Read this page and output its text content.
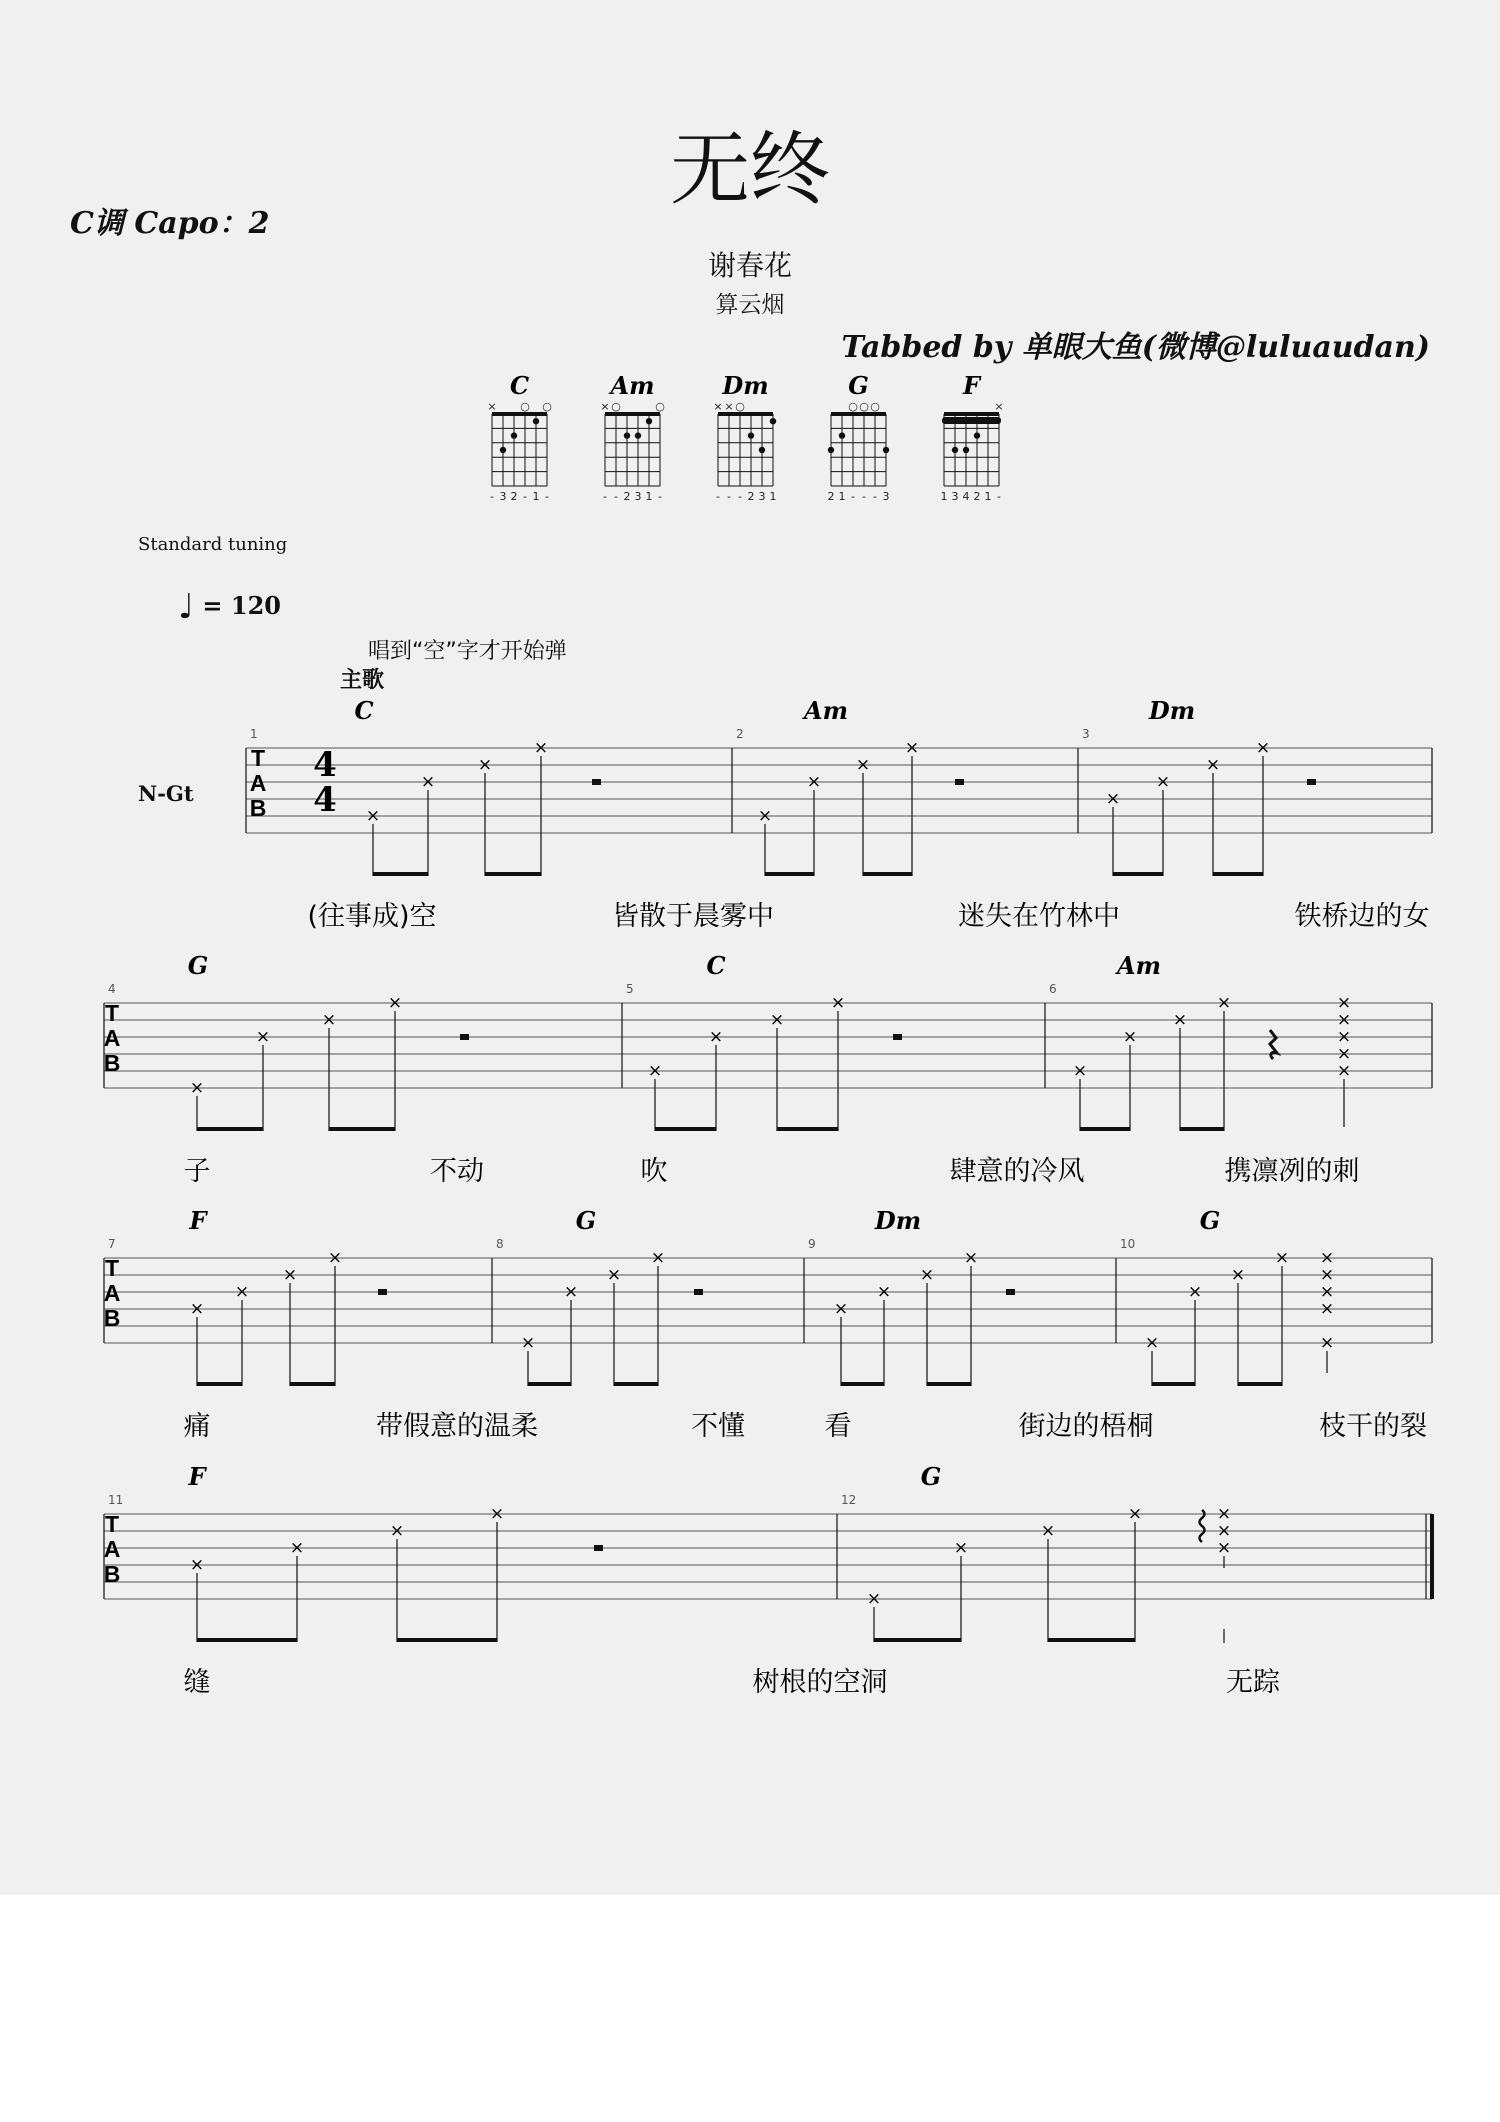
无终
C调 Capo：2
谢春花
算云烟
Tabbed by 单眼大鱼(微博@luluaudan)
Standard tuning
♩ = 120
唱到“空”字才开始弹
主歌
N-Gt
C
× ○ ○
- 3 2 - 1 -
Am
× ○	○
- - 2 3 1 -
Dm
× × ○
- - - 2 3 1
G
○ ○ ○
2 1 - - - 3
F
×
1 3 4 2 1 -
T
A
B
1
C
2
Am
3
Dm
T
A
B
4
G
5
C
6
Am
T
A
B
7
F
8
G
9
Dm
10
G
T
A
B
11
F
12
G
4
4 ×
×
×
×
×
×
×
×
×
×
×
×
×
×
×
×
×
×
×
×
×
×
×
×
×
×
×
×
×
×
×
×
×
×
×
×
×
×
×
×
×
×
×
×
×
×
×
×
×
×
×
×
×
×
×
×
×
×
×
×
×
(往事成)空	皆散于晨雾中	迷失在竹林中	铁桥边的女
子	不动	吹	肆意的冷风	携凛冽的刺
痛	带假意的温柔	不懂	看	街边的梧桐	枝干的裂
缝	树根的空洞	无踪
